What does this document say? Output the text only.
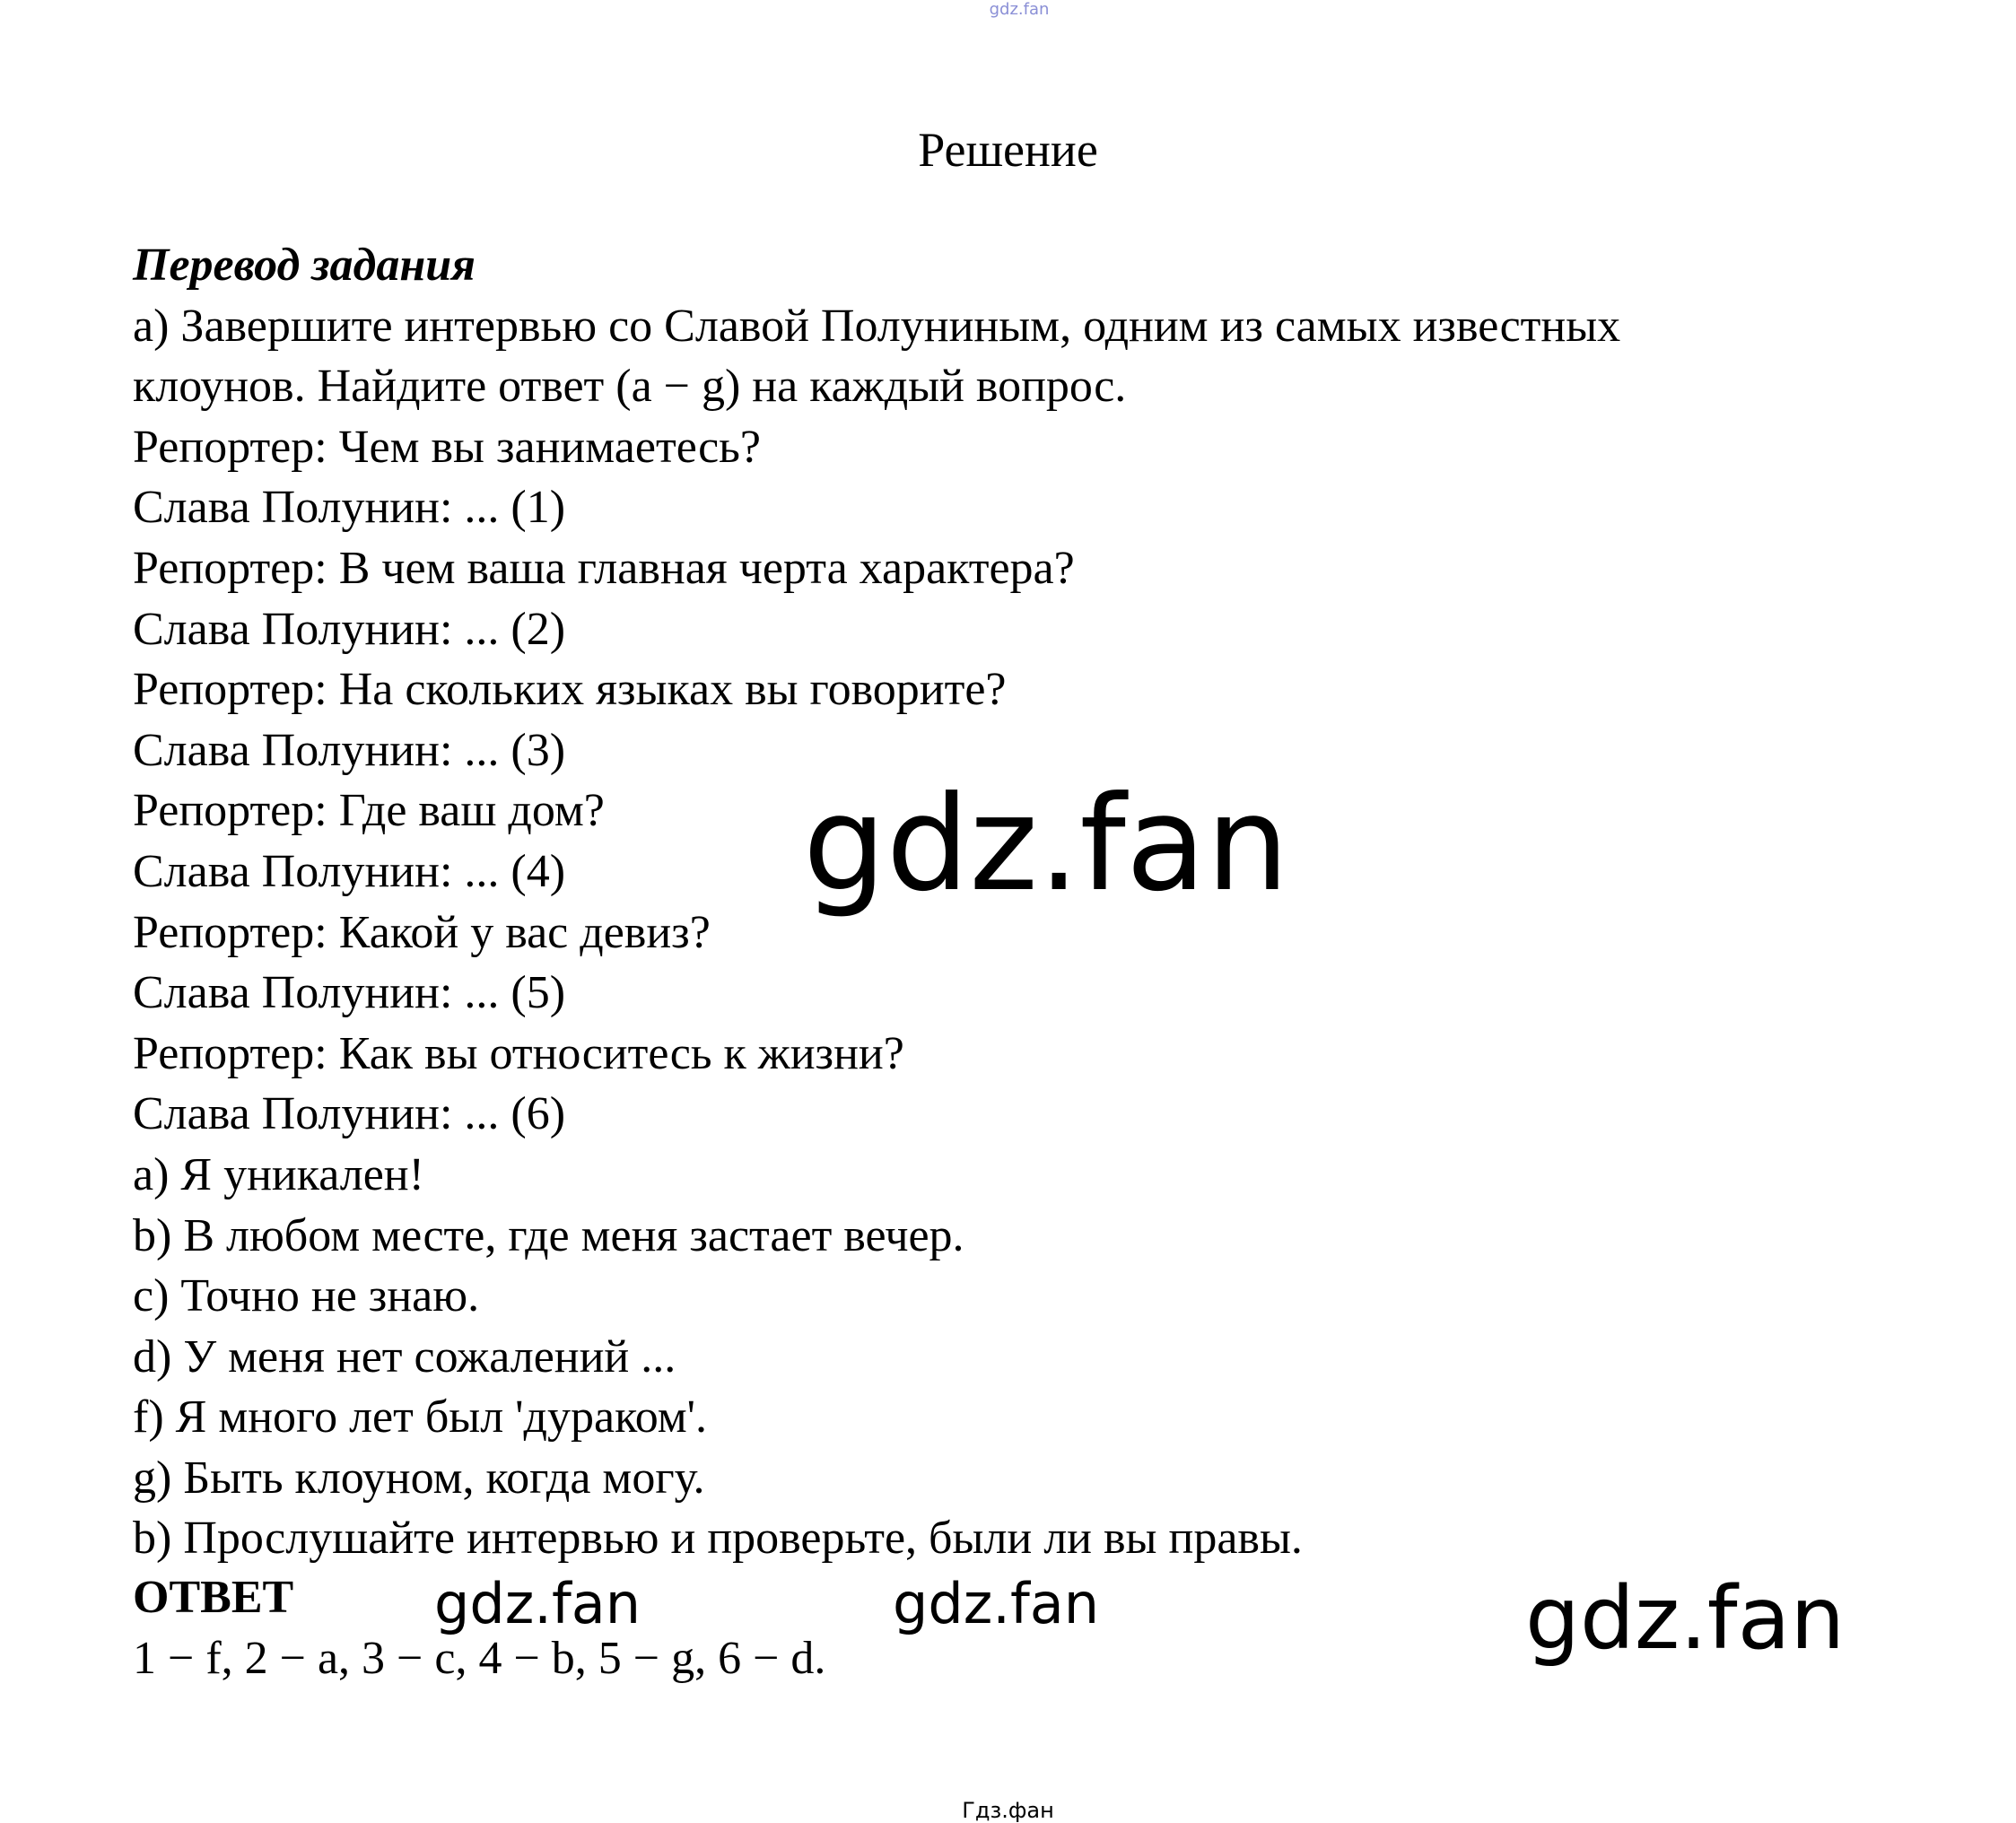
gdz.fan
Решение
Перевод задания
a) Завершите интервью со Славой Полуниным, одним из самых известных
клоунов. Найдите ответ (a − g) на каждый вопрос.
Репортер: Чем вы занимаетесь?
Слава Полунин: ... (1)
Репортер: В чем ваша главная черта характера?
Слава Полунин: ... (2)
Репортер: На скольких языках вы говорите?
Слава Полунин: ... (3)
Репортер: Где ваш дом?
Слава Полунин: ... (4)
Репортер: Какой у вас девиз?
Слава Полунин: ... (5)
Репортер: Как вы относитесь к жизни?
Слава Полунин: ... (6)
a) Я уникален!
b) В любом месте, где меня застает вечер.
c) Точно не знаю.
d) У меня нет сожалений ...
f) Я много лет был 'дураком'.
g) Быть клоуном, когда могу.
b) Прослушайте интервью и проверьте, были ли вы правы.
ОТВЕТ
1 − f, 2 − a, 3 − c, 4 − b, 5 − g, 6 − d.
gdz.fan
gdz.fan	gdz.fan	gdz.fan
Гдз.фан
